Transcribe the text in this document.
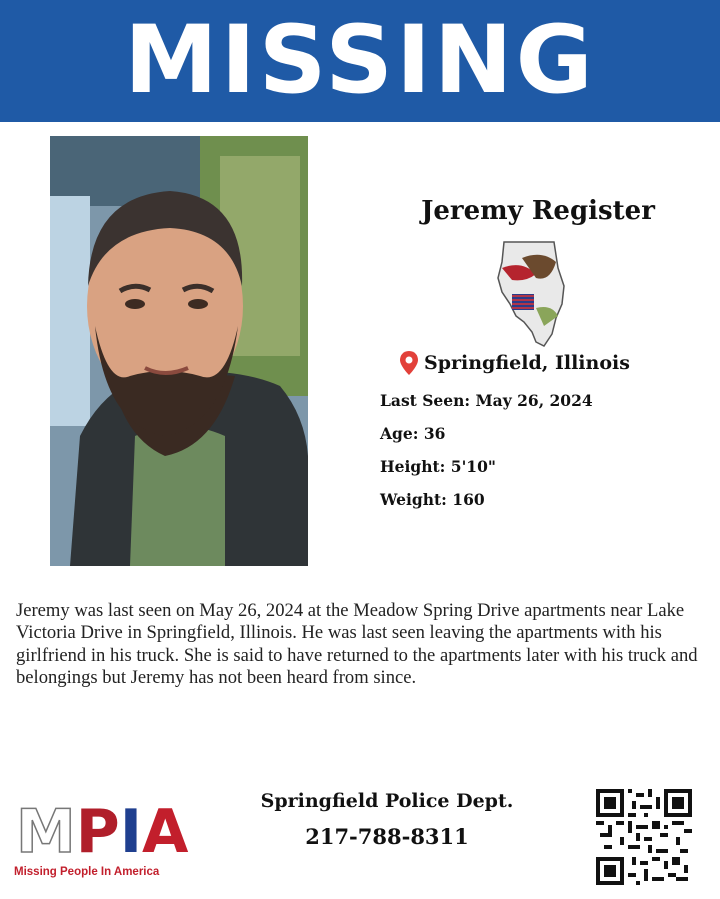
MISSING
Jeremy Register
Springfield, Illinois
Last Seen: May 26, 2024
Age: 36
Height: 5'10"
Weight: 160
Jeremy was last seen on May 26, 2024 at the Meadow Spring Drive apartments near Lake Victoria Drive in Springfield, Illinois. He was last seen leaving the apartments with his girlfriend in his truck. She is said to have returned to the apartments later with his truck and belongings but Jeremy has not been heard from since.
M P I A
Missing People In America
Springfield Police Dept.
217-788-8311
